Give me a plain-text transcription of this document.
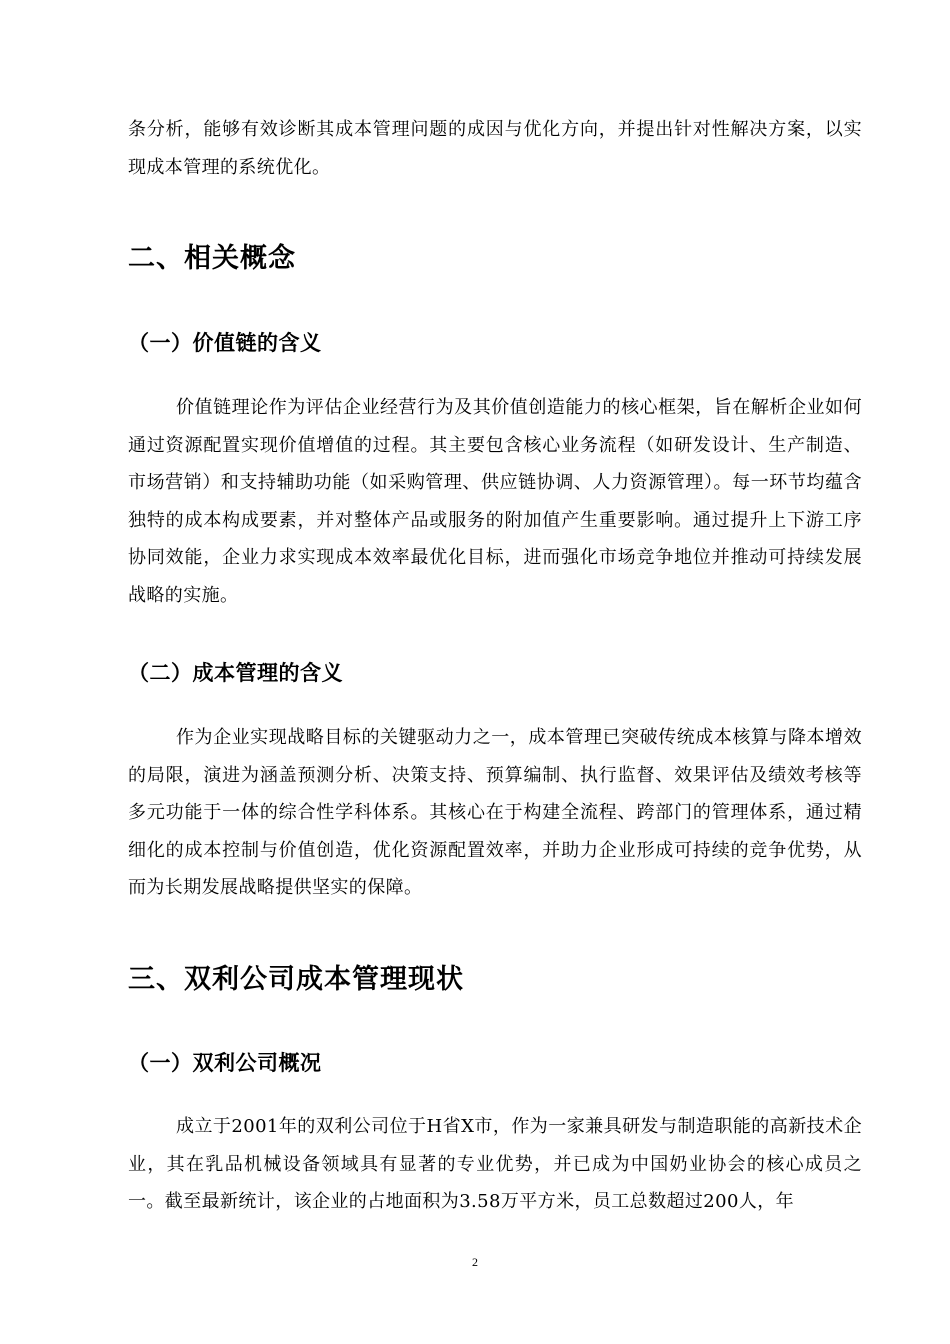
条分析，能够有效诊断其成本管理问题的成因与优化方向，并提出针对性解决方案，以实现成本管理的系统优化。

二、相关概念
（一）价值链的含义

价值链理论作为评估企业经营行为及其价值创造能力的核心框架，旨在解析企业如何通过资源配置实现价值增值的过程。其主要包含核心业务流程（如研发设计、生产制造、市场营销）和支持辅助功能（如采购管理、供应链协调、人力资源管理）。每一环节均蕴含独特的成本构成要素，并对整体产品或服务的附加值产生重要影响。通过提升上下游工序协同效能，企业力求实现成本效率最优化目标，进而强化市场竞争地位并推动可持续发展战略的实施。

（二）成本管理的含义

作为企业实现战略目标的关键驱动力之一，成本管理已突破传统成本核算与降本增效的局限，演进为涵盖预测分析、决策支持、预算编制、执行监督、效果评估及绩效考核等多元功能于一体的综合性学科体系。其核心在于构建全流程、跨部门的管理体系，通过精细化的成本控制与价值创造，优化资源配置效率，并助力企业形成可持续的竞争优势，从而为长期发展战略提供坚实的保障。

三、双利公司成本管理现状
（一）双利公司概况

成立于2001年的双利公司位于H省X市，作为一家兼具研发与制造职能的高新技术企业，其在乳品机械设备领域具有显著的专业优势，并已成为中国奶业协会的核心成员之一。截至最新统计，该企业的占地面积为3.58万平方米，员工总数超过200人，年

2
